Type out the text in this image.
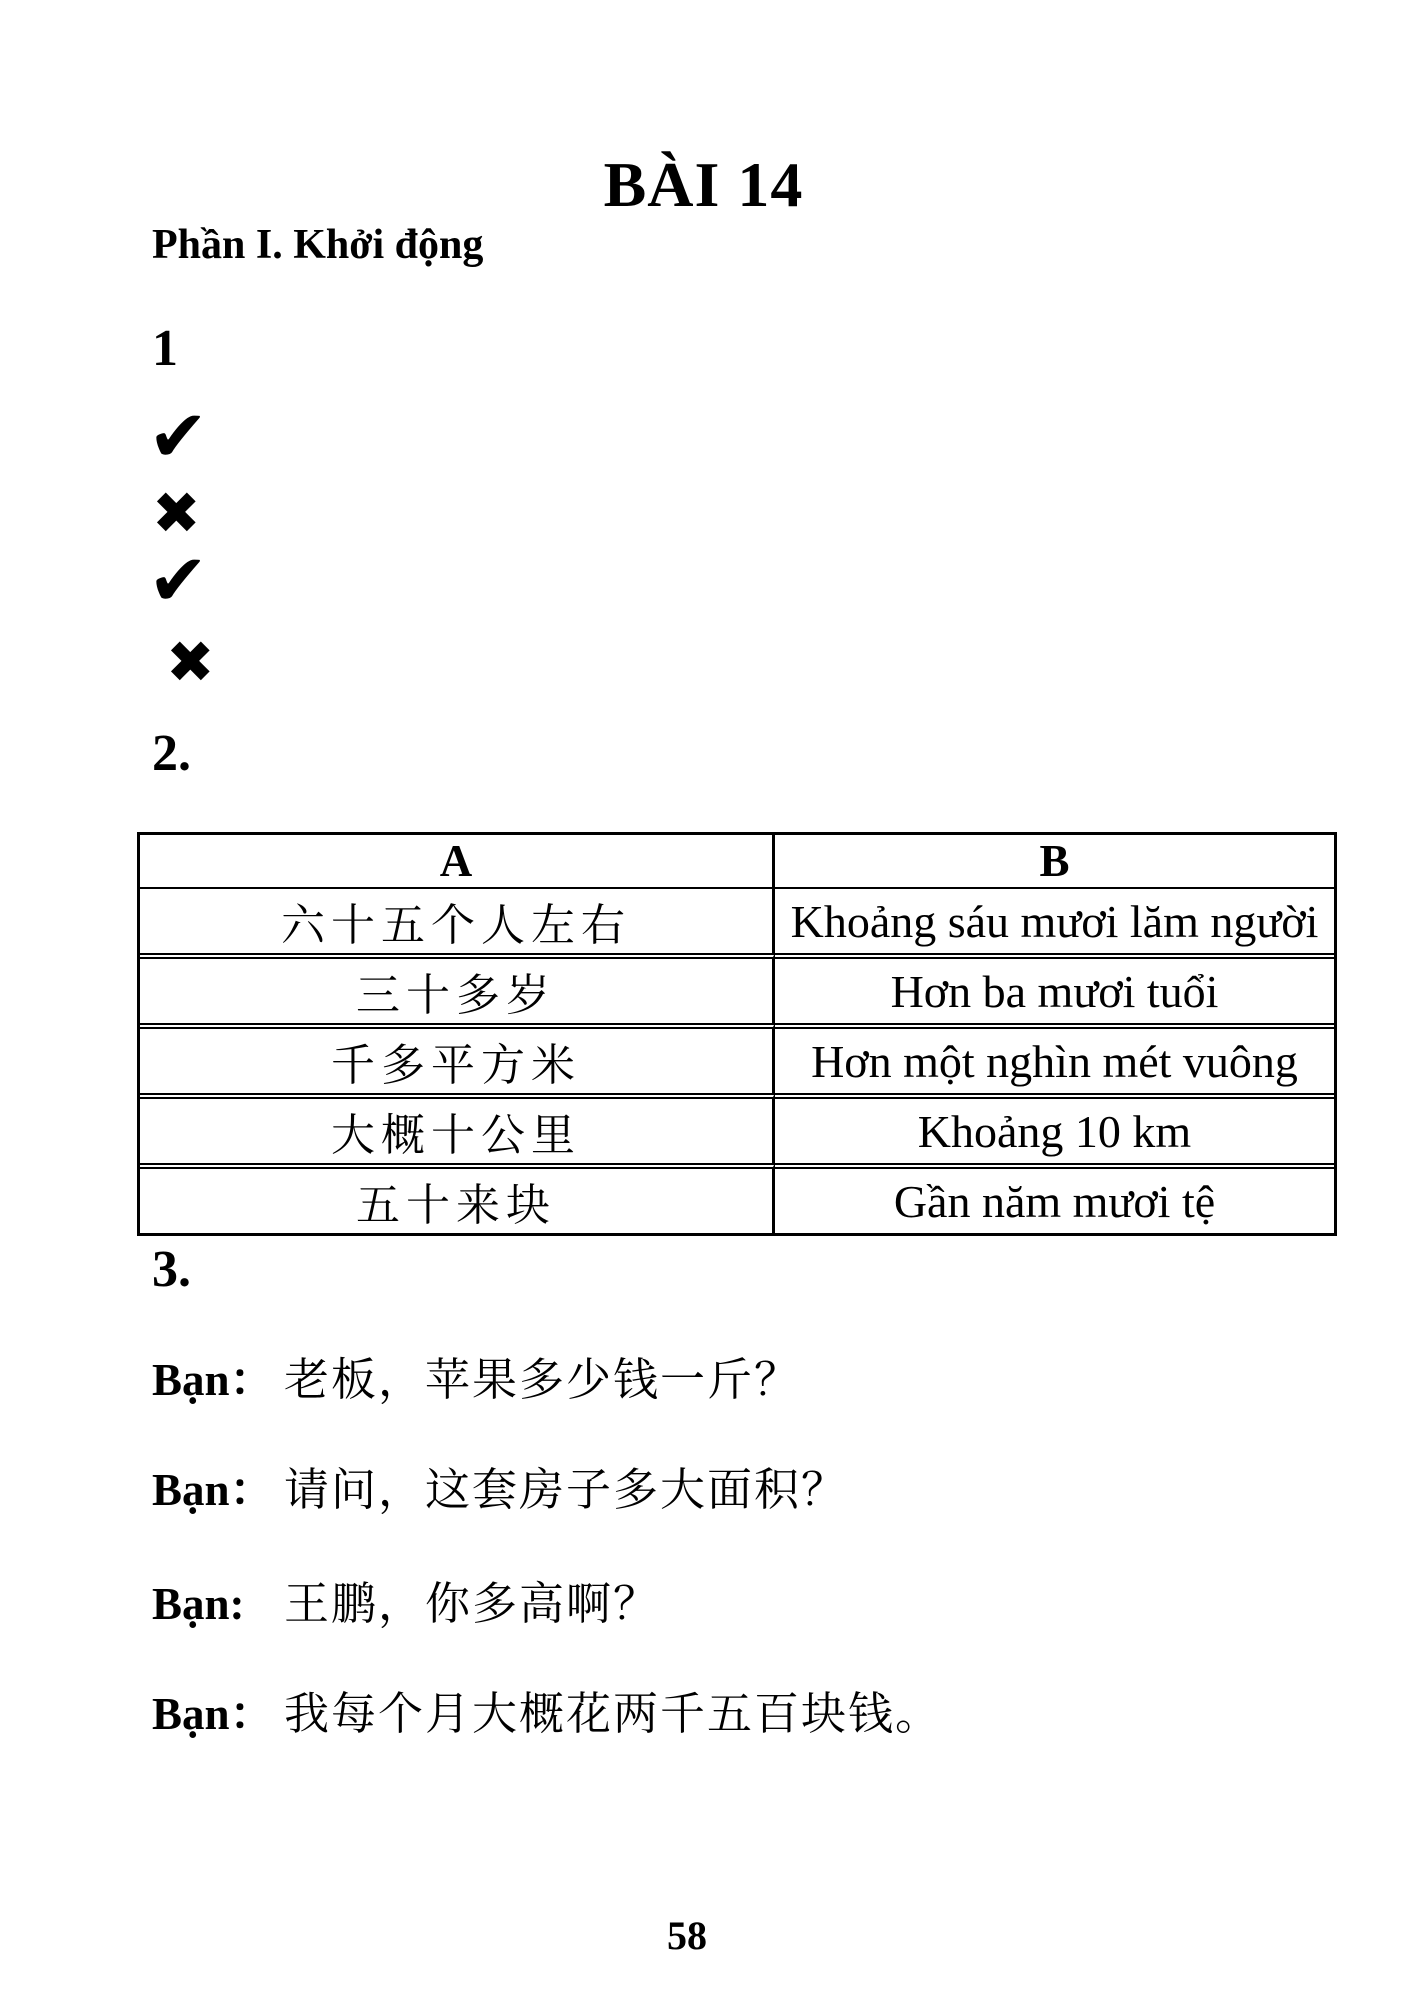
BÀI 14
Phần I. Khởi động
1
✔
✖
✔
✖
2.
A	B
六十五个人左右	Khoảng sáu mươi lăm người
三十多岁	Hơn ba mươi tuổi
千多平方米	Hơn một nghìn mét vuông
大概十公里	Khoảng 10 km
五十来块	Gần năm mươi tệ
3.
Bạn： 老板，苹果多少钱一斤？
Bạn： 请问，这套房子多大面积？
Bạn: 王鹏，你多高啊？
Bạn： 我每个月大概花两千五百块钱。
58
